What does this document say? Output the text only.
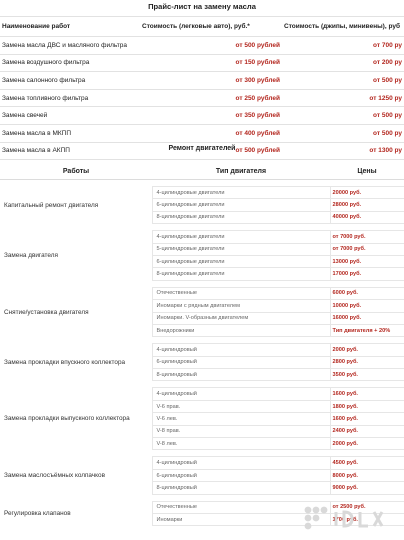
Прайс-лист на замену масла
Наименование работ	Стоимость (легковые авто), руб.*	Стоимость (джипы, минивены), руб
Замена масла ДВС и масляного фильтра	от 500 рублей	от 700 ру
Замена воздушного фильтра	от 150 рублей	от 200 ру
Замена салонного фильтра	от 300 рублей	от 500 ру
Замена топливного фильтра	от 250 рублей	от 1250 ру
Замена свечей	от 350 рублей	от 500 ру
Замена масла в МКПП	от 400 рублей	от 500 ру
Замена масла в АКПП	от 500 рублей	от 1300 ру
Ремонт двигателей
Работы	Тип двигателя	Цены

Капитальный ремонт двигателя	4-цилиндровые двигатели	20000 руб.
	6-цилиндровые двигатели	28000 руб.
	8-цилиндровые двигатели	40000 руб.

Замена двигателя	4-цилиндровые двигатели	от 7000 руб.
	5-цилиндровые двигатели	от 7000 руб.
	6-цилиндровые двигатели	13000 руб.
	8-цилиндровые двигатели	17000 руб.

Снятие/установка двигателя	Отечественные	6000 руб.
	Иномарки с рядным двигателем	10000 руб.
	Иномарки. V-образным двигателем	16000 руб.
	Внедорожники	Тип двигателя + 20%

Замена прокладки впускного коллектора	4-цилиндровый	2000 руб.
	6-цилиндровый	2800 руб.
	8-цилиндровый	3500 руб.

Замена прокладки выпускного коллектора	4-цилиндровый	1600 руб.
	V-6 прав.	1800 руб.
	V-6 лев.	1600 руб.
	V-8 прав.	2400 руб.
	V-8 лев.	2000 руб.

Замена маслосъёмных колпачков	4-цилиндровый	4500 руб.
	6-цилиндровый	8000 руб.
	8-цилиндровый	9000 руб.

Регулировка клапанов	Отечественные	от 2500 руб.
	Иномарки	1700 руб.
